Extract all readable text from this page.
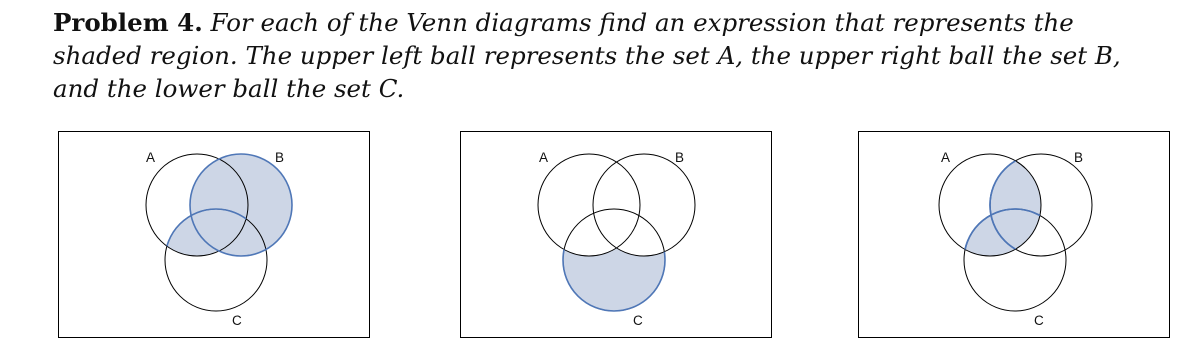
Problem 4. For each of the Venn diagrams find an expression that represents the shaded region. The upper left ball represents the set A, the upper right ball the set B, and the lower ball the set C.
A	B
C
A	B
C
A	B
C
